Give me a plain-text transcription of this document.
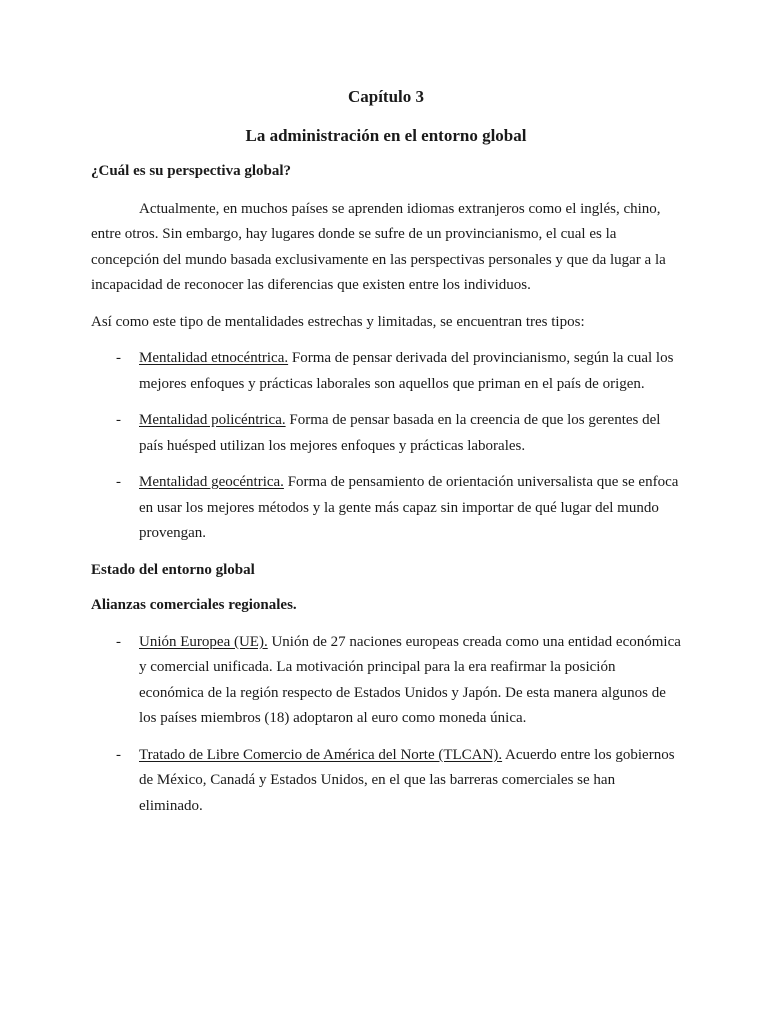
Capítulo 3
La administración en el entorno global

¿Cuál es su perspectiva global?

Actualmente, en muchos países se aprenden idiomas extranjeros como el inglés, chino, entre otros. Sin embargo, hay lugares donde se sufre de un provincianismo, el cual es la concepción del mundo basada exclusivamente en las perspectivas personales y que da lugar a la incapacidad de reconocer las diferencias que existen entre los individuos.

Así como este tipo de mentalidades estrechas y limitadas, se encuentran tres tipos:

- Mentalidad etnocéntrica. Forma de pensar derivada del provincianismo, según la cual los mejores enfoques y prácticas laborales son aquellos que priman en el país de origen.
- Mentalidad policéntrica. Forma de pensar basada en la creencia de que los gerentes del país huésped utilizan los mejores enfoques y prácticas laborales.
- Mentalidad geocéntrica. Forma de pensamiento de orientación universalista que se enfoca en usar los mejores métodos y la gente más capaz sin importar de qué lugar del mundo provengan.

Estado del entorno global

Alianzas comerciales regionales.

- Unión Europea (UE). Unión de 27 naciones europeas creada como una entidad económica y comercial unificada. La motivación principal para la era reafirmar la posición económica de la región respecto de Estados Unidos y Japón. De esta manera algunos de los países miembros (18) adoptaron al euro como moneda única.
- Tratado de Libre Comercio de América del Norte (TLCAN). Acuerdo entre los gobiernos de México, Canadá y Estados Unidos, en el que las barreras comerciales se han eliminado.
